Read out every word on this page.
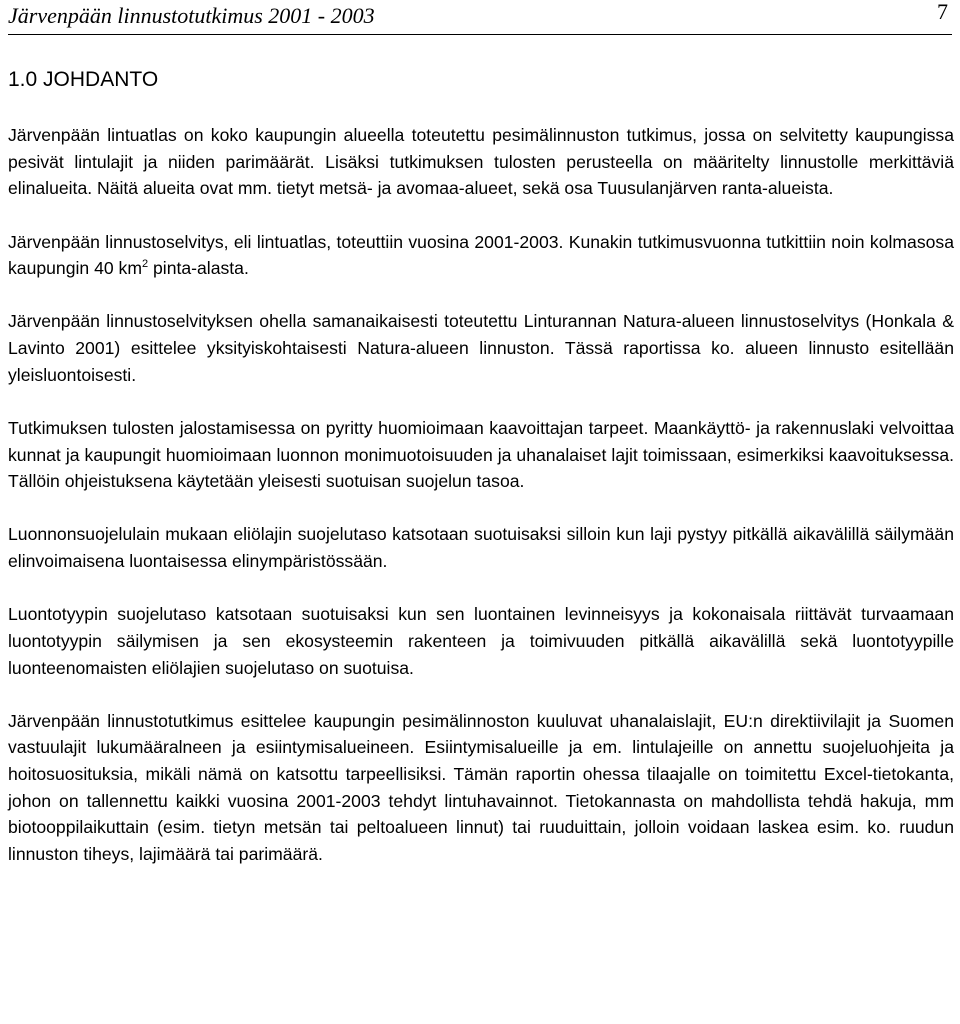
Järvenpään linnustotutkimus 2001 - 2003	7
1.0 JOHDANTO

Järvenpään lintuatlas on koko kaupungin alueella toteutettu pesimälinnuston tutkimus, jossa on selvitetty kaupungissa pesivät lintulajit ja niiden parimäärät. Lisäksi tutkimuksen tulosten perusteella on määritelty linnustolle merkittäviä elinalueita. Näitä alueita ovat mm. tietyt metsä- ja avomaa-alueet, sekä osa Tuusulanjärven ranta-alueista.

Järvenpään linnustoselvitys, eli lintuatlas, toteuttiin vuosina 2001-2003. Kunakin tutkimusvuonna tutkittiin noin kolmasosa kaupungin 40 $km^2$ pinta-alasta.

Järvenpään linnustoselvityksen ohella samanaikaisesti toteutettu Linturannan Natura-alueen linnustoselvitys (Honkala & Lavinto 2001) esittelee yksityiskohtaisesti Natura-alueen linnuston. Tässä raportissa ko. alueen linnusto esitellään yleisluontoisesti.

Tutkimuksen tulosten jalostamisessa on pyritty huomioimaan kaavoittajan tarpeet. Maankäyttö- ja rakennuslaki velvoittaa kunnat ja kaupungit huomioimaan luonnon monimuotoisuuden ja uhanalaiset lajit toimissaan, esimerkiksi kaavoituksessa. Tällöin ohjeistuksena käytetään yleisesti suotuisan suojelun tasoa.

Luonnonsuojelulain mukaan eliölajin suojelutaso katsotaan suotuisaksi silloin kun laji pystyy pitkällä aikavälillä säilymään elinvoimaisena luontaisessa elinympäristössään.

Luontotyypin suojelutaso katsotaan suotuisaksi kun sen luontainen levinneisyys ja kokonaisala riittävät turvaamaan luontotyypin säilymisen ja sen ekosysteemin rakenteen ja toimivuuden pitkällä aikavälillä sekä luontotyypille luonteenomaisten eliölajien suojelutaso on suotuisa.

Järvenpään linnustotutkimus esittelee kaupungin pesimälinnoston kuuluvat uhanalaislajit, EU:n direktiivilajit ja Suomen vastuulajit lukumääralneen ja esiintymisalueineen. Esiintymisalueille ja em. lintulajeille on annettu suojeluohjeita ja hoitosuosituksia, mikäli nämä on katsottu tarpeellisiksi. Tämän raportin ohessa tilaajalle on toimitettu Excel-tietokanta, johon on tallennettu kaikki vuosina 2001-2003 tehdyt lintuhavainnot. Tietokannasta on mahdollista tehdä hakuja, mm biotooppilaikuttain (esim. tietyn metsän tai peltoalueen linnut) tai ruuduittain, jolloin voidaan laskea esim. ko. ruudun linnuston tiheys, lajimäärä tai parimäärä.
